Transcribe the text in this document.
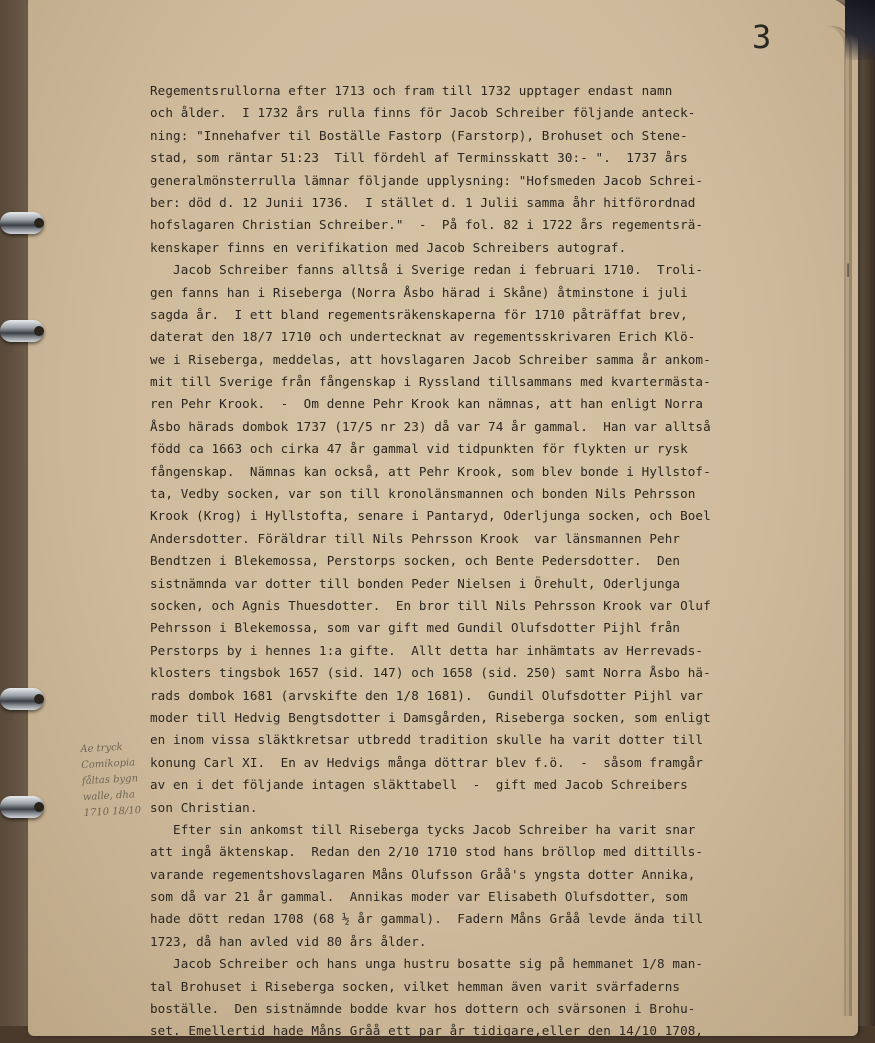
3
ǀ
Regementsrullorna efter 1713 och fram till 1732 upptager endast namn
och ålder.  I 1732 års rulla finns för Jacob Schreiber följande anteck-
ning: "Innehafver til Boställe Fastorp (Farstorp), Brohuset och Stene-
stad, som räntar 51:23  Till fördehl af Terminsskatt 30:- ".  1737 års
generalmönsterrulla lämnar följande upplysning: "Hofsmeden Jacob Schrei-
ber: död d. 12 Junii 1736.  I stället d. 1 Julii samma åhr hitförordnad
hofslagaren Christian Schreiber."  -  På fol. 82 i 1722 års regementsrä-
kenskaper finns en verifikation med Jacob Schreibers autograf.
Jacob Schreiber fanns alltså i Sverige redan i februari 1710.  Troli-
gen fanns han i Riseberga (Norra Åsbo härad i Skåne) åtminstone i juli
sagda år.  I ett bland regementsräkenskaperna för 1710 påträffat brev,
daterat den 18/7 1710 och undertecknat av regementsskrivaren Erich Klö-
we i Riseberga, meddelas, att hovslagaren Jacob Schreiber samma år ankom-
mit till Sverige från fångenskap i Ryssland tillsammans med kvartermästa-
ren Pehr Krook.  -  Om denne Pehr Krook kan nämnas, att han enligt Norra
Åsbo härads dombok 1737 (17/5 nr 23) då var 74 år gammal.  Han var alltså
född ca 1663 och cirka 47 år gammal vid tidpunkten för flykten ur rysk
fångenskap.  Nämnas kan också, att Pehr Krook, som blev bonde i Hyllstof-
ta, Vedby socken, var son till kronolänsmannen och bonden Nils Pehrsson
Krook (Krog) i Hyllstofta, senare i Pantaryd, Oderljunga socken, och Boel
Andersdotter. Föräldrar till Nils Pehrsson Krook  var länsmannen Pehr
Bendtzen i Blekemossa, Perstorps socken, och Bente Pedersdotter.  Den
sistnämnda var dotter till bonden Peder Nielsen i Örehult, Oderljunga
socken, och Agnis Thuesdotter.  En bror till Nils Pehrsson Krook var Oluf
Pehrsson i Blekemossa, som var gift med Gundil Olufsdotter Pijhl från
Perstorps by i hennes 1:a gifte.  Allt detta har inhämtats av Herrevads-
klosters tingsbok 1657 (sid. 147) och 1658 (sid. 250) samt Norra Åsbo hä-
rads dombok 1681 (arvskifte den 1/8 1681).  Gundil Olufsdotter Pijhl var
moder till Hedvig Bengtsdotter i Damsgården, Riseberga socken, som enligt
en inom vissa släktkretsar utbredd tradition skulle ha varit dotter till
konung Carl XI.  En av Hedvigs många döttrar blev f.ö.  -  såsom framgår
av en i det följande intagen släkttabell  -  gift med Jacob Schreibers
son Christian.
Efter sin ankomst till Riseberga tycks Jacob Schreiber ha varit snar
att ingå äktenskap.  Redan den 2/10 1710 stod hans bröllop med dittills-
varande regementshovslagaren Måns Olufsson Gråå's yngsta dotter Annika,
som då var 21 år gammal.  Annikas moder var Elisabeth Olufsdotter, som
hade dött redan 1708 (68 ½ år gammal).  Fadern Måns Gråå levde ända till
1723, då han avled vid 80 års ålder.
Jacob Schreiber och hans unga hustru bosatte sig på hemmanet 1/8 man-
tal Brohuset i Riseberga socken, vilket hemman även varit svärfaderns
boställe.  Den sistnämnde bodde kvar hos dottern och svärsonen i Brohu-
set. Emellertid hade Måns Gråå ett par år tidigare,eller den 14/10 1708,
Ae tryck
Comikopia
fåltas bygn
walle, dha
1710 18/10
